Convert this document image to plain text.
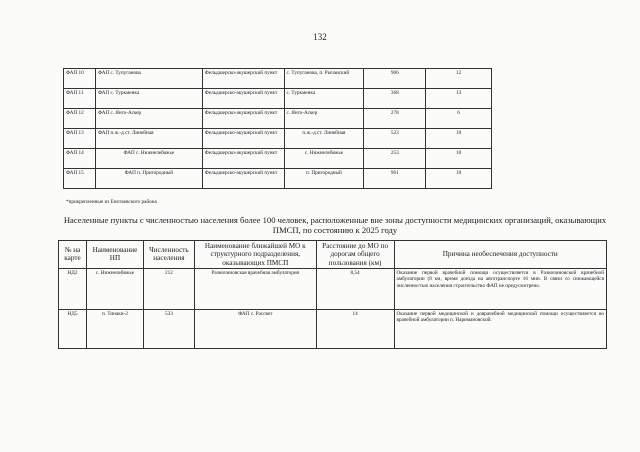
132
ФАП 10	ФАП с. Тупуганова	Фельдшерско-акушерский пункт	с. Тупуганова, п. Рычанский	966	12
ФАП 11	ФАП с. Туркменка	Фельдшерско-акушерский пункт	с. Туркменка	368	13
ФАП 12	ФАП с. Янго-Аскер	Фельдшерско-акушерский пункт	с. Янго-Аскер	278	6
ФАП 13	ФАП п.ж.-д.ст. Линейная	Фельдшерско-акушерский пункт	п.ж.-д.ст. Линейная	523	10
ФАП 14	ФАП с. Нижнелебяжье	Фельдшерско-акушерский пункт	с. Нижнелебяжье	253	10
ФАП 15	ФАП п. Пригородный	Фельдшерско-акушерский пункт	п. Пригородный	961	10
*прикрепленные из Енотаевского района
Населенные пункты с численностью населения более 100 человек, расположенные вне зоны доступности медицинских организаций, оказывающих ПМСП, по состоянию к 2025 году
№ на карте	Наименование НП	Численность населения	Наименование ближайшей МО к структурного подразделения, оказывающих ПМСП	Расстояние до МО по дорогам общего пользования (км)	Причина необеспечения доступности
НД2	с. Нижнелебяжье	212	Разночиновская врачебная амбулатория	8,54	Оказание первой врачебной помощи осуществляется в Разночиновской врачебной амбулатории (8 км, время доезда на автотранспорте 16 мин. В связи со снижающейся численностью населения строительство ФАП не предусмотрено.
НД5	п. Тинаки-2	533	ФАП с. Рассвет	14	Оказание первой медицинской и доврачебной медицинской помощи осуществляется во врачебной амбулатории п. Наримановский.
